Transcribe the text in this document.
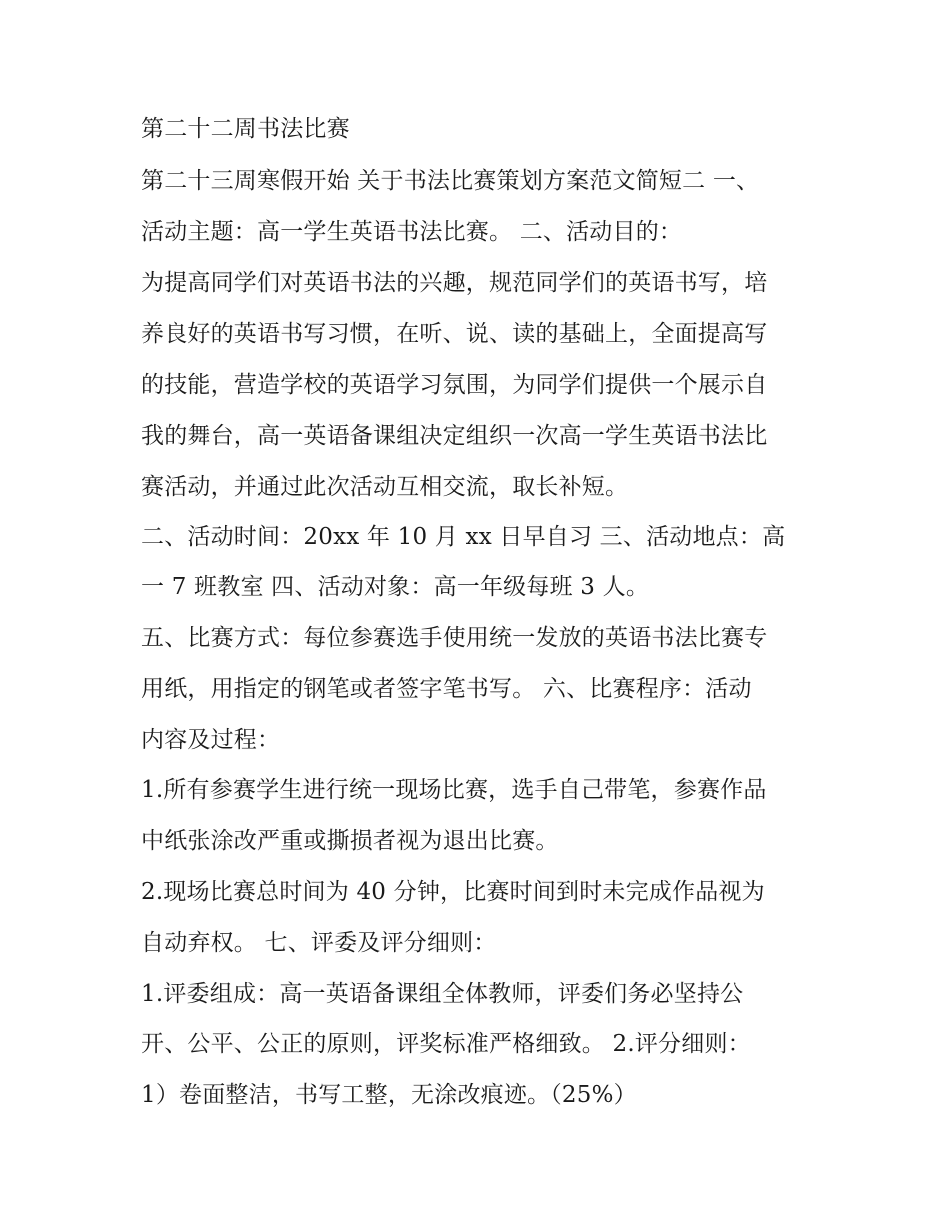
第二十二周书法比赛
第二十三周寒假开始 关于书法比赛策划方案范文简短二 一、
活动主题：高一学生英语书法比赛。 二、活动目的：
为提高同学们对英语书法的兴趣，规范同学们的英语书写，培
养良好的英语书写习惯，在听、说、读的基础上，全面提高写
的技能，营造学校的英语学习氛围，为同学们提供一个展示自
我的舞台，高一英语备课组决定组织一次高一学生英语书法比
赛活动，并通过此次活动互相交流，取长补短。
二、活动时间：20xx 年 10 月 xx 日早自习 三、活动地点：高
一 7 班教室 四、活动对象：高一年级每班 3 人。
五、比赛方式：每位参赛选手使用统一发放的英语书法比赛专
用纸，用指定的钢笔或者签字笔书写。 六、比赛程序：活动
内容及过程：
1.所有参赛学生进行统一现场比赛，选手自己带笔，参赛作品
中纸张涂改严重或撕损者视为退出比赛。
2.现场比赛总时间为 40 分钟，比赛时间到时未完成作品视为
自动弃权。 七、评委及评分细则：
1.评委组成：高一英语备课组全体教师，评委们务必坚持公
开、公平、公正的原则，评奖标准严格细致。 2.评分细则：
1）卷面整洁，书写工整，无涂改痕迹。（25%）
